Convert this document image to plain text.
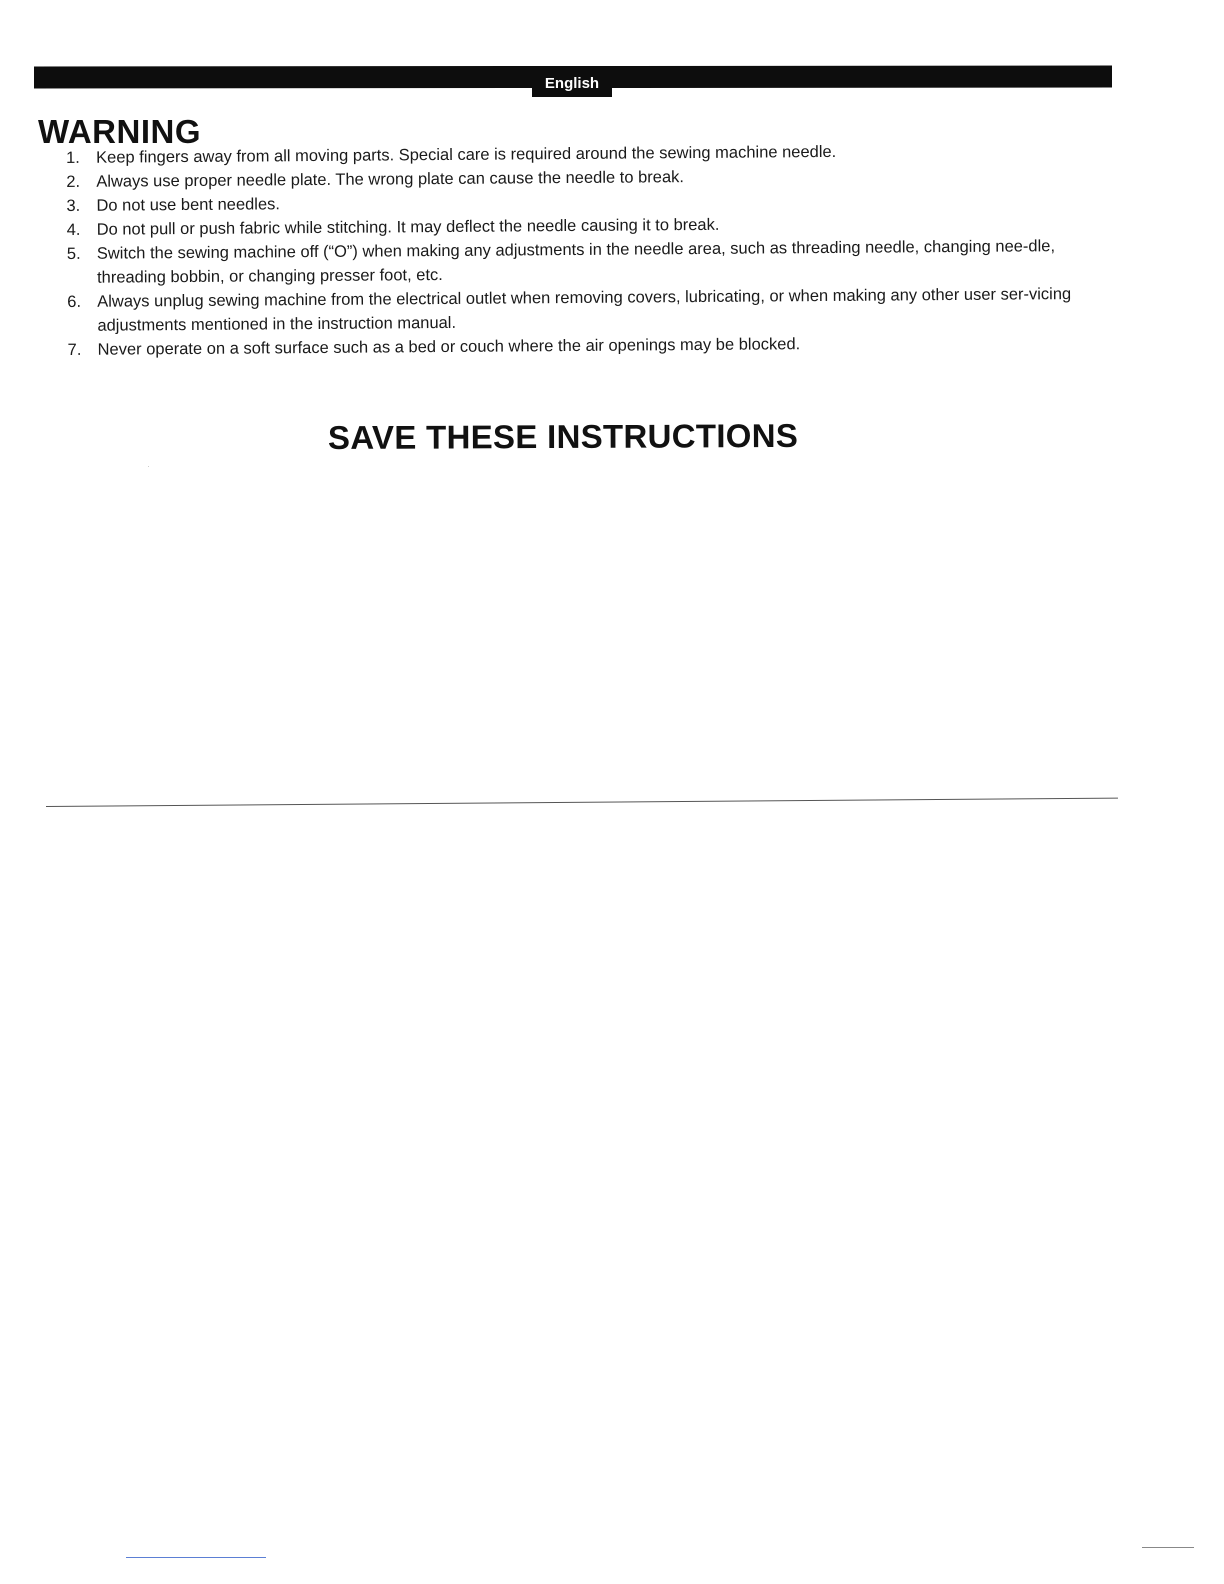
English
WARNING
1. Keep fingers away from all moving parts. Special care is required around the sewing machine needle.
2. Always use proper needle plate. The wrong plate can cause the needle to break.
3. Do not use bent needles.
4. Do not pull or push fabric while stitching. It may deflect the needle causing it to break.
5. Switch the sewing machine off (“O”) when making any adjustments in the needle area, such as threading needle, changing nee-dle, threading bobbin, or changing presser foot, etc.
6. Always unplug sewing machine from the electrical outlet when removing covers, lubricating, or when making any other user ser-vicing adjustments mentioned in the instruction manual.
7. Never operate on a soft surface such as a bed or couch where the air openings may be blocked.
SAVE THESE INSTRUCTIONS
